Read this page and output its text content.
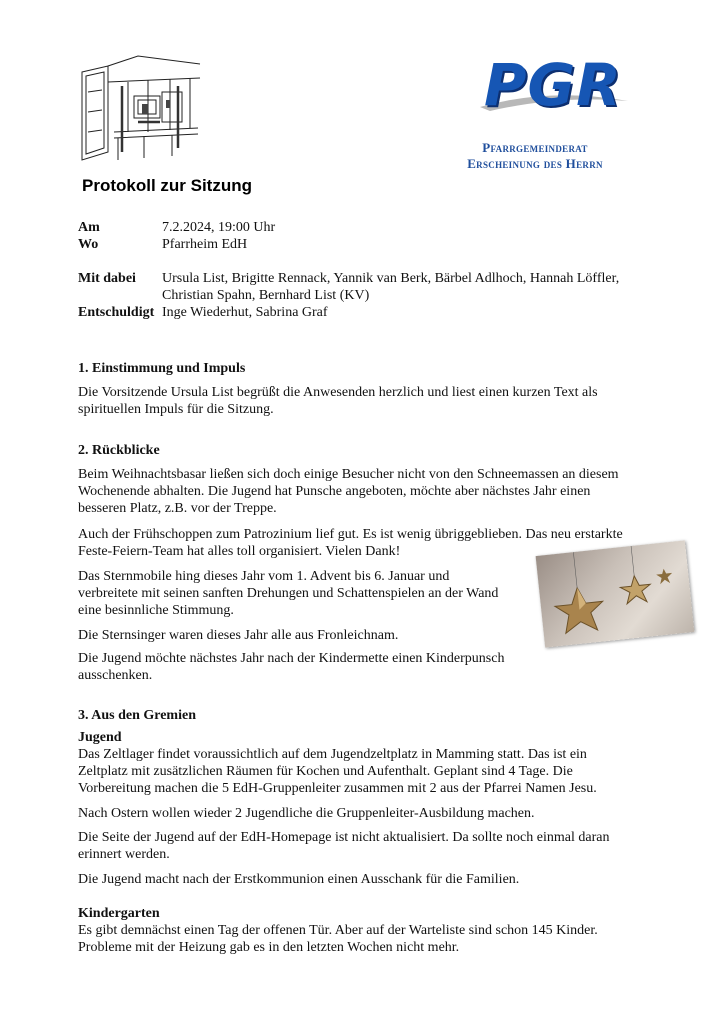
PGR
Pfarrgemeinderat
Erscheinung des Herrn
Protokoll zur Sitzung
Am	7.2.2024, 19:00 Uhr
Wo	Pfarrheim EdH
Mit dabei Ursula List, Brigitte Rennack, Yannik van Berk, Bärbel Adlhoch, Hannah Löffler,
Christian Spahn, Bernhard List (KV)
Entschuldigt Inge Wiederhut, Sabrina Graf
1. Einstimmung und Impuls

Die Vorsitzende Ursula List begrüßt die Anwesenden herzlich und liest einen kurzen Text als

spirituellen Impuls für die Sitzung.

2. Rückblicke

Beim Weihnachtsbasar ließen sich doch einige Besucher nicht von den Schneemassen an diesem

Wochenende abhalten. Die Jugend hat Punsche angeboten, möchte aber nächstes Jahr einen

besseren Platz, z.B. vor der Treppe.

Auch der Frühschoppen zum Patrozinium lief gut. Es ist wenig übriggeblieben. Das neu erstarkte

Feste-Feiern-Team hat alles toll organisiert. Vielen Dank!

Das Sternmobile hing dieses Jahr vom 1. Advent bis 6. Januar und

verbreitete mit seinen sanften Drehungen und Schattenspielen an der Wand

eine besinnliche Stimmung.

Die Sternsinger waren dieses Jahr alle aus Fronleichnam.

Die Jugend möchte nächstes Jahr nach der Kindermette einen Kinderpunsch

ausschenken.

3. Aus den Gremien
Jugend

Das Zeltlager findet voraussichtlich auf dem Jugendzeltplatz in Mamming statt. Das ist ein

Zeltplatz mit zusätzlichen Räumen für Kochen und Aufenthalt. Geplant sind 4 Tage. Die

Vorbereitung machen die 5 EdH-Gruppenleiter zusammen mit 2 aus der Pfarrei Namen Jesu.

Nach Ostern wollen wieder 2 Jugendliche die Gruppenleiter-Ausbildung machen.

Die Seite der Jugend auf der EdH-Homepage ist nicht aktualisiert. Da sollte noch einmal daran

erinnert werden.

Die Jugend macht nach der Erstkommunion einen Ausschank für die Familien.

Kindergarten

Es gibt demnächst einen Tag der offenen Tür. Aber auf der Warteliste sind schon 145 Kinder.

Probleme mit der Heizung gab es in den letzten Wochen nicht mehr.
